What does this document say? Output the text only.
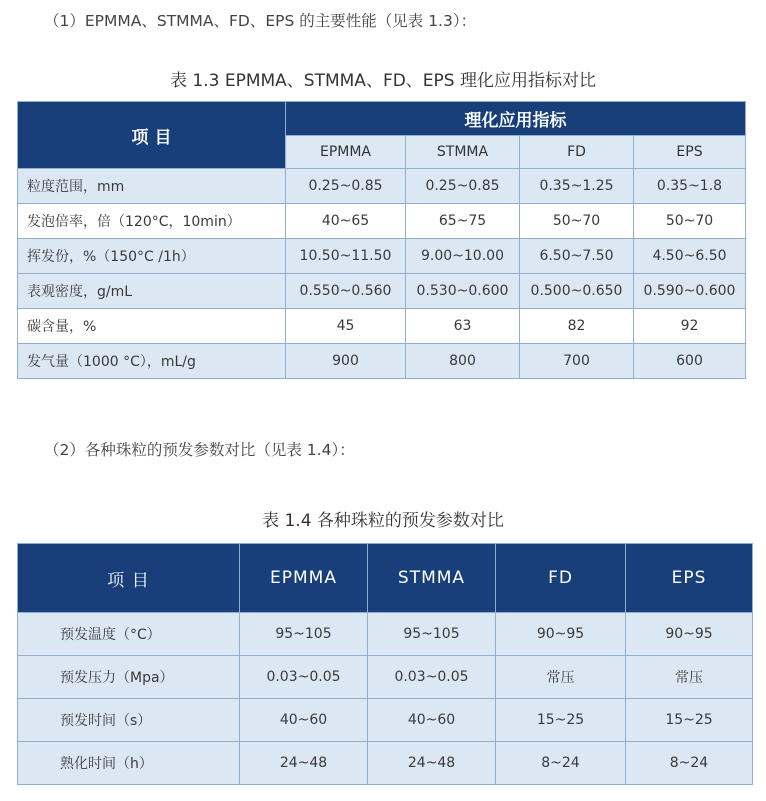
（1）EPMMA、STMMA、FD、EPS 的主要性能（见表 1.3）：
表 1.3 EPMMA、STMMA、FD、EPS 理化应用指标对比
项 目	理化应用指标			
	EPMMA	STMMA	FD	EPS
粒度范围，mm	0.25~0.85	0.25~0.85	0.35~1.25	0.35~1.8
发泡倍率，倍（120°C，10min）	40~65	65~75	50~70	50~70
挥发份，%（150°C /1h）	10.50~11.50	9.00~10.00	6.50~7.50	4.50~6.50
表观密度，g/mL	0.550~0.560	0.530~0.600	0.500~0.650	0.590~0.600
碳含量，%	45	63	82	92
发气量（1000 °C），mL/g	900	800	700	600
（2）各种珠粒的预发参数对比（见表 1.4）：
表 1.4 各种珠粒的预发参数对比
项 目	EPMMA	STMMA	FD	EPS
预发温度（°C）	95~105	95~105	90~95	90~95
预发压力（Mpa）	0.03~0.05	0.03~0.05	常压	常压
预发时间（s）	40~60	40~60	15~25	15~25
熟化时间（h）	24~48	24~48	8~24	8~24
